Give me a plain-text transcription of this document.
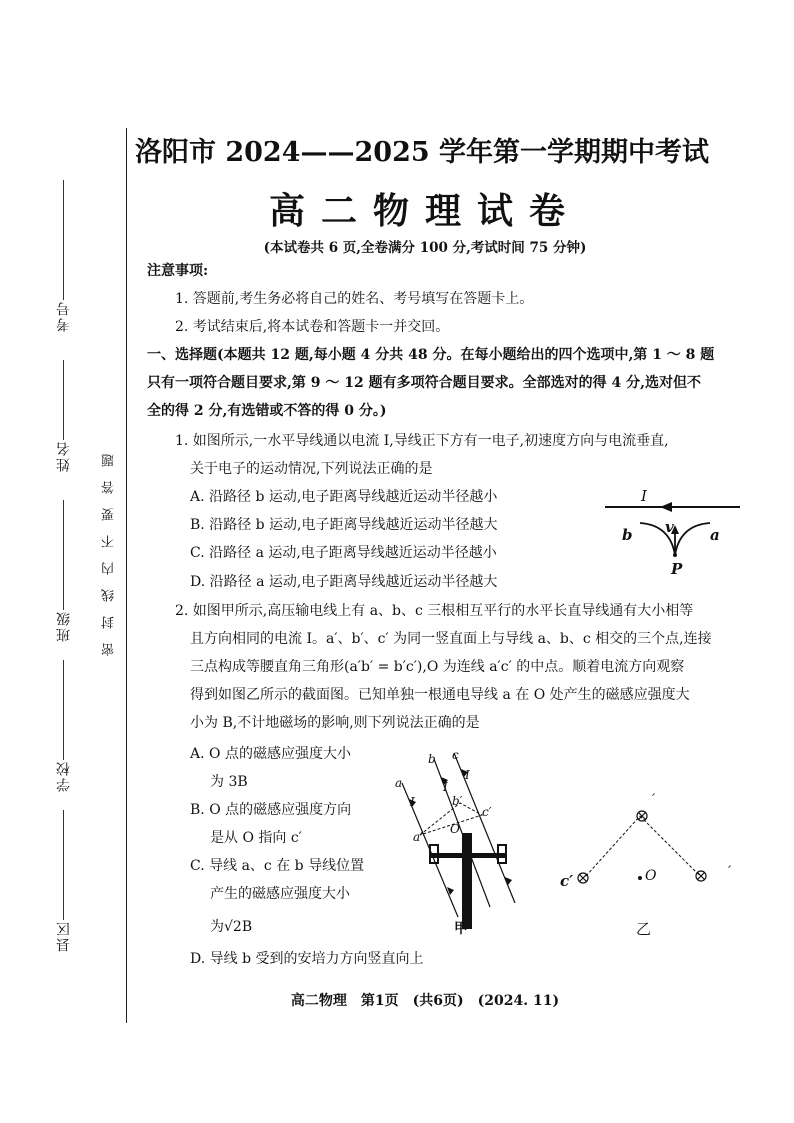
考号
姓名
班级
学校
县区
密封线内不要答题
洛阳市 2024——2025 学年第一学期期中考试
高二物理试卷
(本试卷共 6 页,全卷满分 100 分,考试时间 75 分钟)
注意事项:
1. 答题前,考生务必将自己的姓名、考号填写在答题卡上。
2. 考试结束后,将本试卷和答题卡一并交回。
一、选择题(本题共 12 题,每小题 4 分共 48 分。在每小题给出的四个选项中,第 1 ～ 8 题
只有一项符合题目要求,第 9 ～ 12 题有多项符合题目要求。全部选对的得 4 分,选对但不
全的得 2 分,有选错或不答的得 0 分。)
1. 如图所示,一水平导线通以电流 I,导线正下方有一电子,初速度方向与电流垂直,
关于电子的运动情况,下列说法正确的是
A. 沿路径 b 运动,电子距离导线越近运动半径越小
B. 沿路径 b 运动,电子距离导线越近运动半径越大
C. 沿路径 a 运动,电子距离导线越近运动半径越小
D. 沿路径 a 运动,电子距离导线越近运动半径越大
I
v
b	a
P
2. 如图甲所示,高压输电线上有 a、b、c 三根相互平行的水平长直导线通有大小相等
且方向相同的电流 I。a′、b′、c′ 为同一竖直面上与导线 a、b、c 相交的三个点,连接
三点构成等腰直角三角形(a′b′ = b′c′),O 为连线 a′c′ 的中点。顺着电流方向观察
得到如图乙所示的截面图。已知单独一根通电导线 a 在 O 处产生的磁感应强度大
小为 B,不计地磁场的影响,则下列说法正确的是
A. O 点的磁感应强度大小
为 3B
B. O 点的磁感应强度方向
是从 O 指向 c′
C. 导线 a、c 在 b 导线位置
产生的磁感应强度大小
为√2B
D. 导线 b 受到的安培力方向竖直向上
a
b c
I
I
I
b′
c′
a′
O
甲
′
′
c′	O
乙
高二物理　第1页　(共6页)　(2024. 11)
